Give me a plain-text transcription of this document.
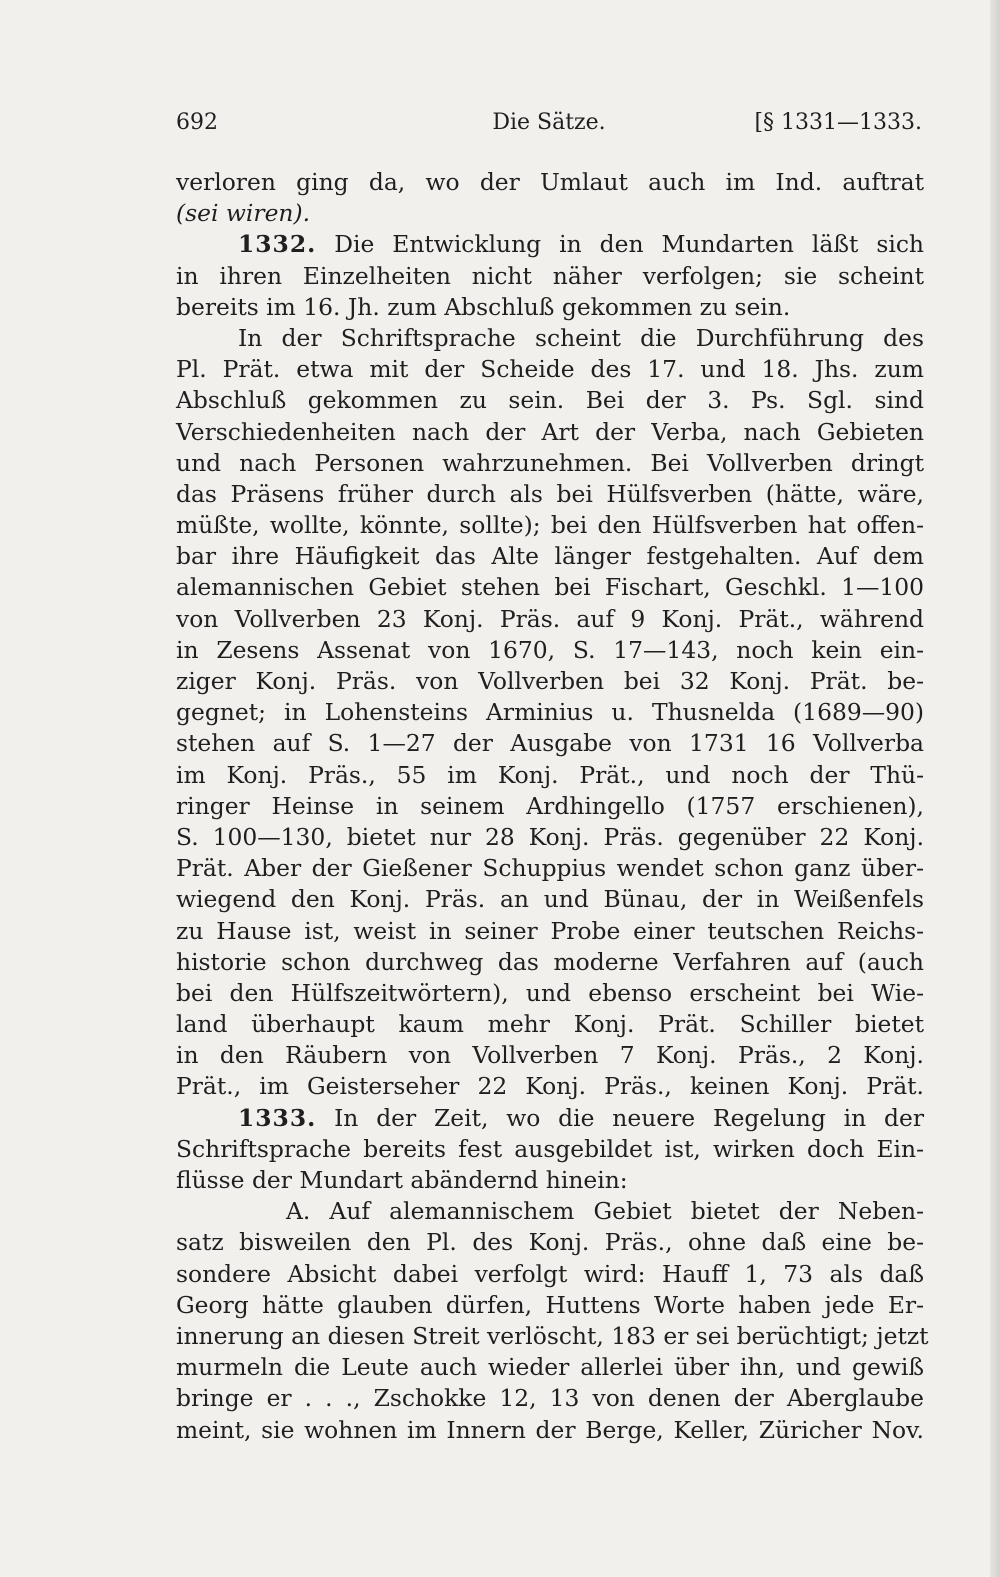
692	Die Sätze.	[§ 1331—1333.
verloren ging da, wo der Umlaut auch im Ind. auftrat
(sei wiren).
1332. Die Entwicklung in den Mundarten läßt sich
in ihren Einzelheiten nicht näher verfolgen; sie scheint
bereits im 16. Jh. zum Abschluß gekommen zu sein.
In der Schriftsprache scheint die Durchführung des
Pl. Prät. etwa mit der Scheide des 17. und 18. Jhs. zum
Abschluß gekommen zu sein. Bei der 3. Ps. Sgl. sind
Verschiedenheiten nach der Art der Verba, nach Gebieten
und nach Personen wahrzunehmen. Bei Vollverben dringt
das Präsens früher durch als bei Hülfsverben (hätte, wäre,
müßte, wollte, könnte, sollte); bei den Hülfsverben hat offen-
bar ihre Häufigkeit das Alte länger festgehalten. Auf dem
alemannischen Gebiet stehen bei Fischart, Geschkl. 1—100
von Vollverben 23 Konj. Präs. auf 9 Konj. Prät., während
in Zesens Assenat von 1670, S. 17—143, noch kein ein-
ziger Konj. Präs. von Vollverben bei 32 Konj. Prät. be-
gegnet; in Lohensteins Arminius u. Thusnelda (1689—90)
stehen auf S. 1—27 der Ausgabe von 1731 16 Vollverba
im Konj. Präs., 55 im Konj. Prät., und noch der Thü-
ringer Heinse in seinem Ardhingello (1757 erschienen),
S. 100—130, bietet nur 28 Konj. Präs. gegenüber 22 Konj.
Prät. Aber der Gießener Schuppius wendet schon ganz über-
wiegend den Konj. Präs. an und Bünau, der in Weißenfels
zu Hause ist, weist in seiner Probe einer teutschen Reichs-
historie schon durchweg das moderne Verfahren auf (auch
bei den Hülfszeitwörtern), und ebenso erscheint bei Wie-
land überhaupt kaum mehr Konj. Prät. Schiller bietet
in den Räubern von Vollverben 7 Konj. Präs., 2 Konj.
Prät., im Geisterseher 22 Konj. Präs., keinen Konj. Prät.
1333. In der Zeit, wo die neuere Regelung in der
Schriftsprache bereits fest ausgebildet ist, wirken doch Ein-
flüsse der Mundart abändernd hinein:
A. Auf alemannischem Gebiet bietet der Neben-
satz bisweilen den Pl. des Konj. Präs., ohne daß eine be-
sondere Absicht dabei verfolgt wird: Hauff 1, 73 als daß
Georg hätte glauben dürfen, Huttens Worte haben jede Er-
innerung an diesen Streit verlöscht, 183 er sei berüchtigt; jetzt
murmeln die Leute auch wieder allerlei über ihn, und gewiß
bringe er . . ., Zschokke 12, 13 von denen der Aberglaube
meint, sie wohnen im Innern der Berge, Keller, Züricher Nov.
